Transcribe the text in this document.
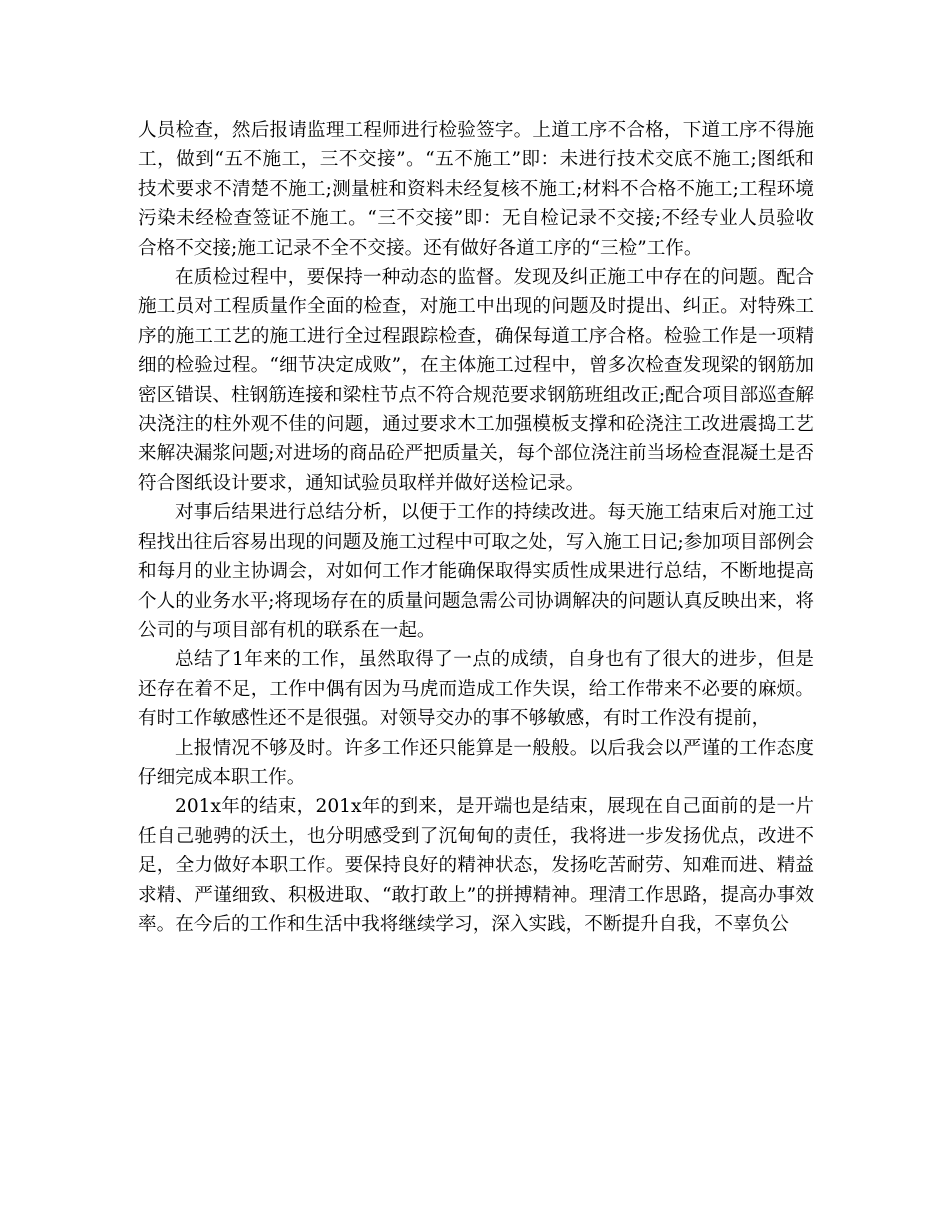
人员检查，然后报请监理工程师进行检验签字。上道工序不合格，下道工序不得施工，做到“五不施工，三不交接”。“五不施工”即：未进行技术交底不施工;图纸和技术要求不清楚不施工;测量桩和资料未经复核不施工;材料不合格不施工;工程环境污染未经检查签证不施工。“三不交接”即：无自检记录不交接;不经专业人员验收合格不交接;施工记录不全不交接。还有做好各道工序的“三检”工作。

在质检过程中，要保持一种动态的监督。发现及纠正施工中存在的问题。配合施工员对工程质量作全面的检查，对施工中出现的问题及时提出、纠正。对特殊工序的施工工艺的施工进行全过程跟踪检查，确保每道工序合格。检验工作是一项精细的检验过程。“细节决定成败”，在主体施工过程中，曾多次检查发现梁的钢筋加密区错误、柱钢筋连接和梁柱节点不符合规范要求钢筋班组改正;配合项目部巡查解决浇注的柱外观不佳的问题，通过要求木工加强模板支撑和砼浇注工改进震捣工艺来解决漏浆问题;对进场的商品砼严把质量关，每个部位浇注前当场检查混凝土是否符合图纸设计要求，通知试验员取样并做好送检记录。

对事后结果进行总结分析，以便于工作的持续改进。每天施工结束后对施工过程找出往后容易出现的问题及施工过程中可取之处，写入施工日记;参加项目部例会和每月的业主协调会，对如何工作才能确保取得实质性成果进行总结，不断地提高个人的业务水平;将现场存在的质量问题急需公司协调解决的问题认真反映出来，将公司的与项目部有机的联系在一起。

总结了1年来的工作，虽然取得了一点的成绩，自身也有了很大的进步，但是还存在着不足，工作中偶有因为马虎而造成工作失误，给工作带来不必要的麻烦。有时工作敏感性还不是很强。对领导交办的事不够敏感，有时工作没有提前，

上报情况不够及时。许多工作还只能算是一般般。以后我会以严谨的工作态度仔细完成本职工作。

201x年的结束，201x年的到来，是开端也是结束，展现在自己面前的是一片任自己驰骋的沃土，也分明感受到了沉甸甸的责任，我将进一步发扬优点，改进不足，全力做好本职工作。要保持良好的精神状态，发扬吃苦耐劳、知难而进、精益求精、严谨细致、积极进取、“敢打敢上”的拼搏精神。理清工作思路，提高办事效率。在今后的工作和生活中我将继续学习，深入实践，不断提升自我，不辜负公
